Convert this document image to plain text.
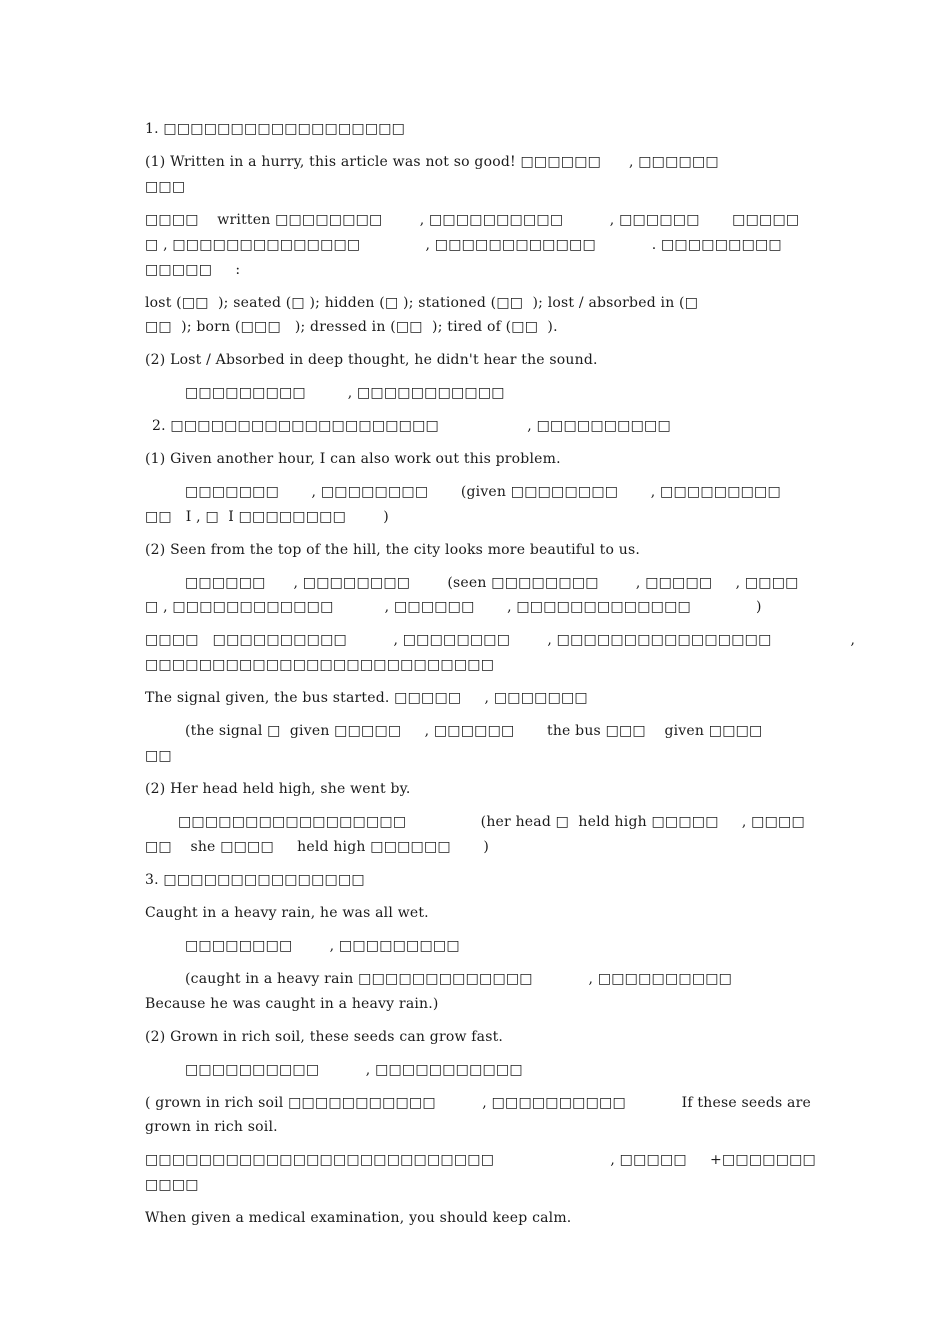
1. □□□□□□□□□□□□□□□□□□
(1) Written in a hurry, this article was not so good! □□□□□□      , □□□□□□
□□□
□□□□    written □□□□□□□□        , □□□□□□□□□□          , □□□□□□       □□□□□
□ , □□□□□□□□□□□□□□              , □□□□□□□□□□□□            . □□□□□□□□□
□□□□□     :
lost (□□  ); seated (□ ); hidden (□ ); stationed (□□  ); lost / absorbed in (□
□□  ); born (□□□   ); dressed in (□□  ); tired of (□□  ).
(2) Lost / Absorbed in deep thought, he didn't hear the sound.
□□□□□□□□□         , □□□□□□□□□□□
2. □□□□□□□□□□□□□□□□□□□□                   , □□□□□□□□□□
(1) Given another hour, I can also work out this problem.
□□□□□□□       , □□□□□□□□       (given □□□□□□□□       , □□□□□□□□□
□□   I , □  I □□□□□□□□        )
(2) Seen from the top of the hill, the city looks more beautiful to us.
□□□□□□      , □□□□□□□□        (seen □□□□□□□□        , □□□□□     , □□□□
□ , □□□□□□□□□□□□           , □□□□□□       , □□□□□□□□□□□□□              )
□□□□   □□□□□□□□□□          , □□□□□□□□        , □□□□□□□□□□□□□□□□                 ,
□□□□□□□□□□□□□□□□□□□□□□□□□□
The signal given, the bus started. □□□□□     , □□□□□□□
(the signal □  given □□□□□     , □□□□□□       the bus □□□    given □□□□
□□
(2) Her head held high, she went by.
□□□□□□□□□□□□□□□□□                (her head □  held high □□□□□     , □□□□
□□    she □□□□     held high □□□□□□       )
3. □□□□□□□□□□□□□□□
Caught in a heavy rain, he was all wet.
□□□□□□□□        , □□□□□□□□□
(caught in a heavy rain □□□□□□□□□□□□□            , □□□□□□□□□□
Because he was caught in a heavy rain.)
(2) Grown in rich soil, these seeds can grow fast.
□□□□□□□□□□          , □□□□□□□□□□□
( grown in rich soil □□□□□□□□□□□          , □□□□□□□□□□            If these seeds are
grown in rich soil.
□□□□□□□□□□□□□□□□□□□□□□□□□□                         , □□□□□     +□□□□□□□
□□□□
When given a medical examination, you should keep calm.
